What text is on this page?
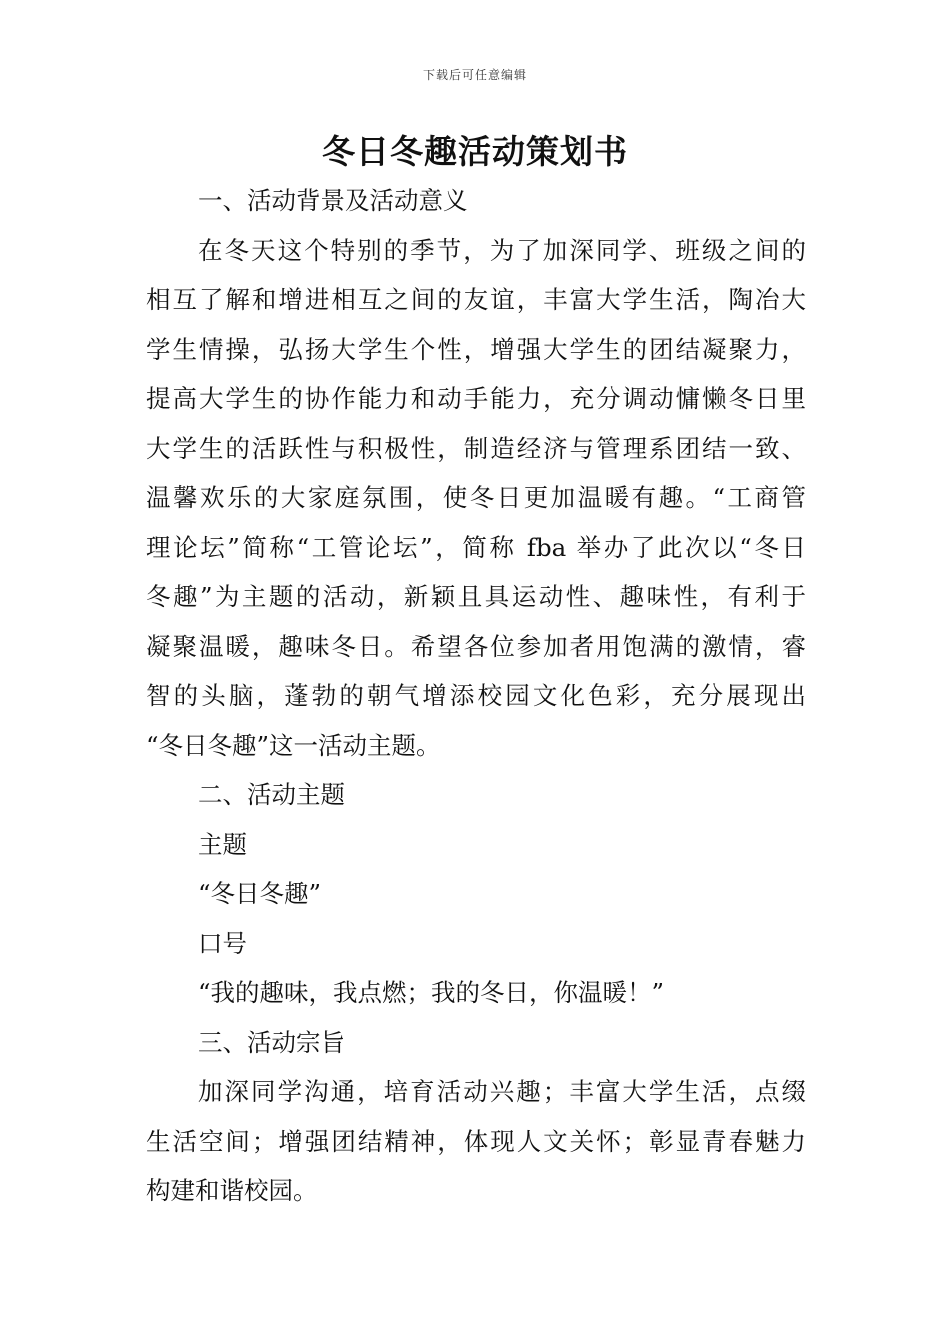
下载后可任意编辑
冬日冬趣活动策划书
一、活动背景及活动意义
在冬天这个特别的季节，为了加深同学、班级之间的
相互了解和增进相互之间的友谊，丰富大学生活，陶冶大
学生情操，弘扬大学生个性，增强大学生的团结凝聚力，
提高大学生的协作能力和动手能力，充分调动慵懒冬日里
大学生的活跃性与积极性，制造经济与管理系团结一致、
温馨欢乐的大家庭氛围，使冬日更加温暖有趣。“工商管
理论坛”简称“工管论坛”，简称 fba 举办了此次以“冬日
冬趣”为主题的活动，新颖且具运动性、趣味性，有利于
凝聚温暖，趣味冬日。希望各位参加者用饱满的激情，睿
智的头脑，蓬勃的朝气增添校园文化色彩，充分展现出
“冬日冬趣”这一活动主题。
二、活动主题
主题
“冬日冬趣”
口号
“我的趣味，我点燃；我的冬日，你温暖！”
三、活动宗旨
加深同学沟通，培育活动兴趣；丰富大学生活，点缀
生活空间；增强团结精神，体现人文关怀；彰显青春魅力
构建和谐校园。
